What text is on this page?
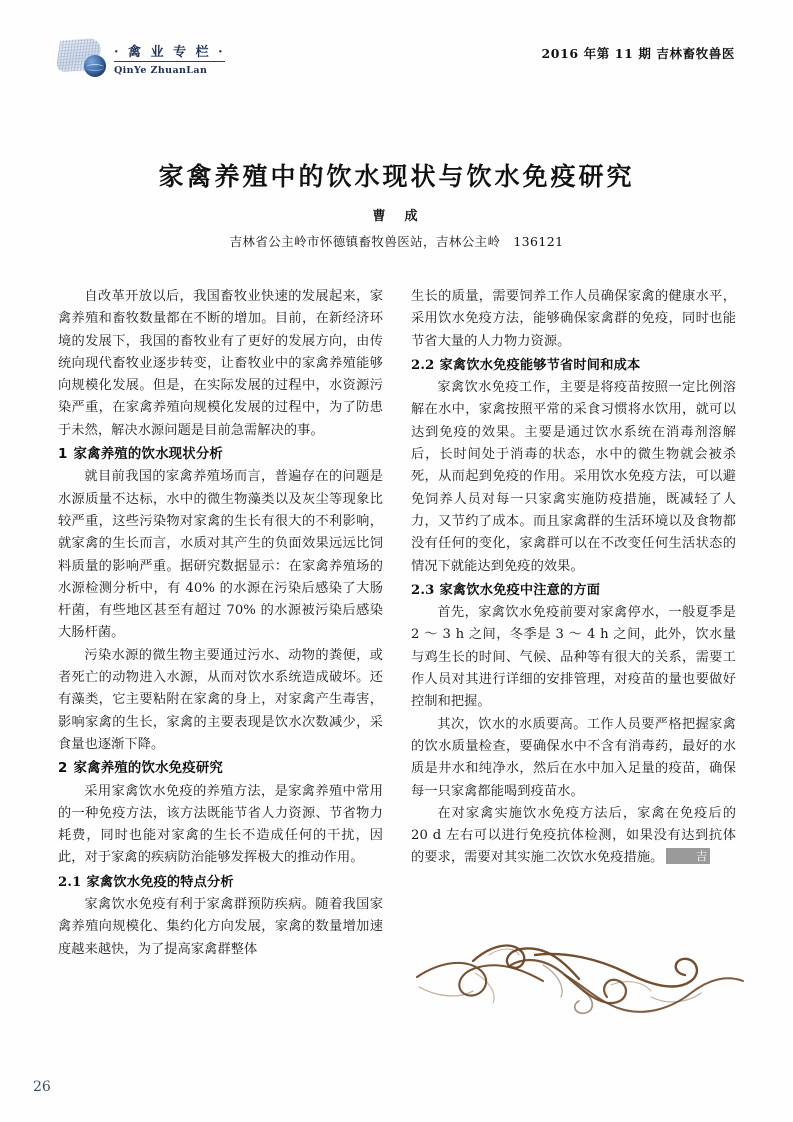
· 禽 业 专 栏 ·
QinYe ZhuanLan
2016 年第 11 期 吉林畜牧兽医
家禽养殖中的饮水现状与饮水免疫研究
曹　成
吉林省公主岭市怀德镇畜牧兽医站，吉林公主岭　136121

自改革开放以后，我国畜牧业快速的发展起来，家禽养殖和畜牧数量都在不断的增加。目前，在新经济环境的发展下，我国的畜牧业有了更好的发展方向，由传统向现代畜牧业逐步转变，让畜牧业中的家禽养殖能够向规模化发展。但是，在实际发展的过程中，水资源污染严重，在家禽养殖向规模化发展的过程中，为了防患于未然，解决水源问题是目前急需解决的事。

1 家禽养殖的饮水现状分析

就目前我国的家禽养殖场而言，普遍存在的问题是水源质量不达标，水中的微生物藻类以及灰尘等现象比较严重，这些污染物对家禽的生长有很大的不利影响，就家禽的生长而言，水质对其产生的负面效果远远比饲料质量的影响严重。据研究数据显示：在家禽养殖场的水源检测分析中，有 40% 的水源在污染后感染了大肠杆菌，有些地区甚至有超过 70% 的水源被污染后感染大肠杆菌。

污染水源的微生物主要通过污水、动物的粪便，或者死亡的动物进入水源，从而对饮水系统造成破坏。还有藻类，它主要粘附在家禽的身上，对家禽产生毒害，影响家禽的生长，家禽的主要表现是饮水次数减少，采食量也逐渐下降。

2 家禽养殖的饮水免疫研究

采用家禽饮水免疫的养殖方法，是家禽养殖中常用的一种免疫方法，该方法既能节省人力资源、节省物力耗费，同时也能对家禽的生长不造成任何的干扰，因此，对于家禽的疾病防治能够发挥极大的推动作用。

2.1 家禽饮水免疫的特点分析

家禽饮水免疫有利于家禽群预防疾病。随着我国家禽养殖向规模化、集约化方向发展，家禽的数量增加速度越来越快，为了提高家禽群整体

生长的质量，需要饲养工作人员确保家禽的健康水平，采用饮水免疫方法，能够确保家禽群的免疫，同时也能节省大量的人力物力资源。

2.2 家禽饮水免疫能够节省时间和成本

家禽饮水免疫工作，主要是将疫苗按照一定比例溶解在水中，家禽按照平常的采食习惯将水饮用，就可以达到免疫的效果。主要是通过饮水系统在消毒剂溶解后，长时间处于消毒的状态，水中的微生物就会被杀死，从而起到免疫的作用。采用饮水免疫方法，可以避免饲养人员对每一只家禽实施防疫措施，既减轻了人力，又节约了成本。而且家禽群的生活环境以及食物都没有任何的变化，家禽群可以在不改变任何生活状态的情况下就能达到免疫的效果。

2.3 家禽饮水免疫中注意的方面

首先，家禽饮水免疫前要对家禽停水，一般夏季是 2 ～ 3 h 之间，冬季是 3 ～ 4 h 之间，此外，饮水量与鸡生长的时间、气候、品种等有很大的关系，需要工作人员对其进行详细的安排管理，对疫苗的量也要做好控制和把握。

其次，饮水的水质要高。工作人员要严格把握家禽的饮水质量检查，要确保水中不含有消毒药，最好的水质是井水和纯净水，然后在水中加入足量的疫苗，确保每一只家禽都能喝到疫苗水。

在对家禽实施饮水免疫方法后，家禽在免疫后的 20 d 左右可以进行免疫抗体检测，如果没有达到抗体的要求，需要对其实施二次饮水免疫措施。	吉

26
